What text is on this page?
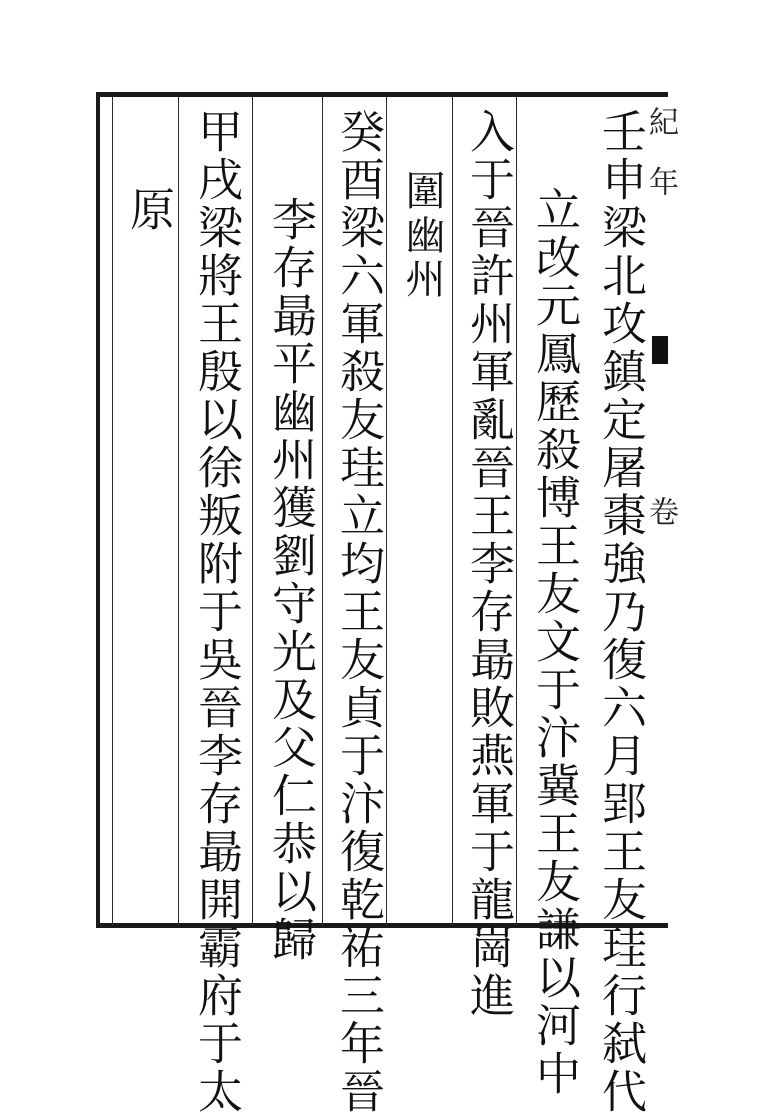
壬申梁北攻鎮定屠棗強乃復六月郢王友珪行弑代
立改元鳳歷殺博王友文于汴冀王友謙以河中
入于晉許州軍亂晉王李存朂敗燕軍于龍崗進
圍幽州
癸酉梁六軍殺友珪立均王友貞于汴復乾祐三年晉
李存朂平幽州獲劉守光及父仁恭以歸
甲戌梁將王殷以徐叛附于吳晉李存朂開霸府于太
原
紀
年
卷
